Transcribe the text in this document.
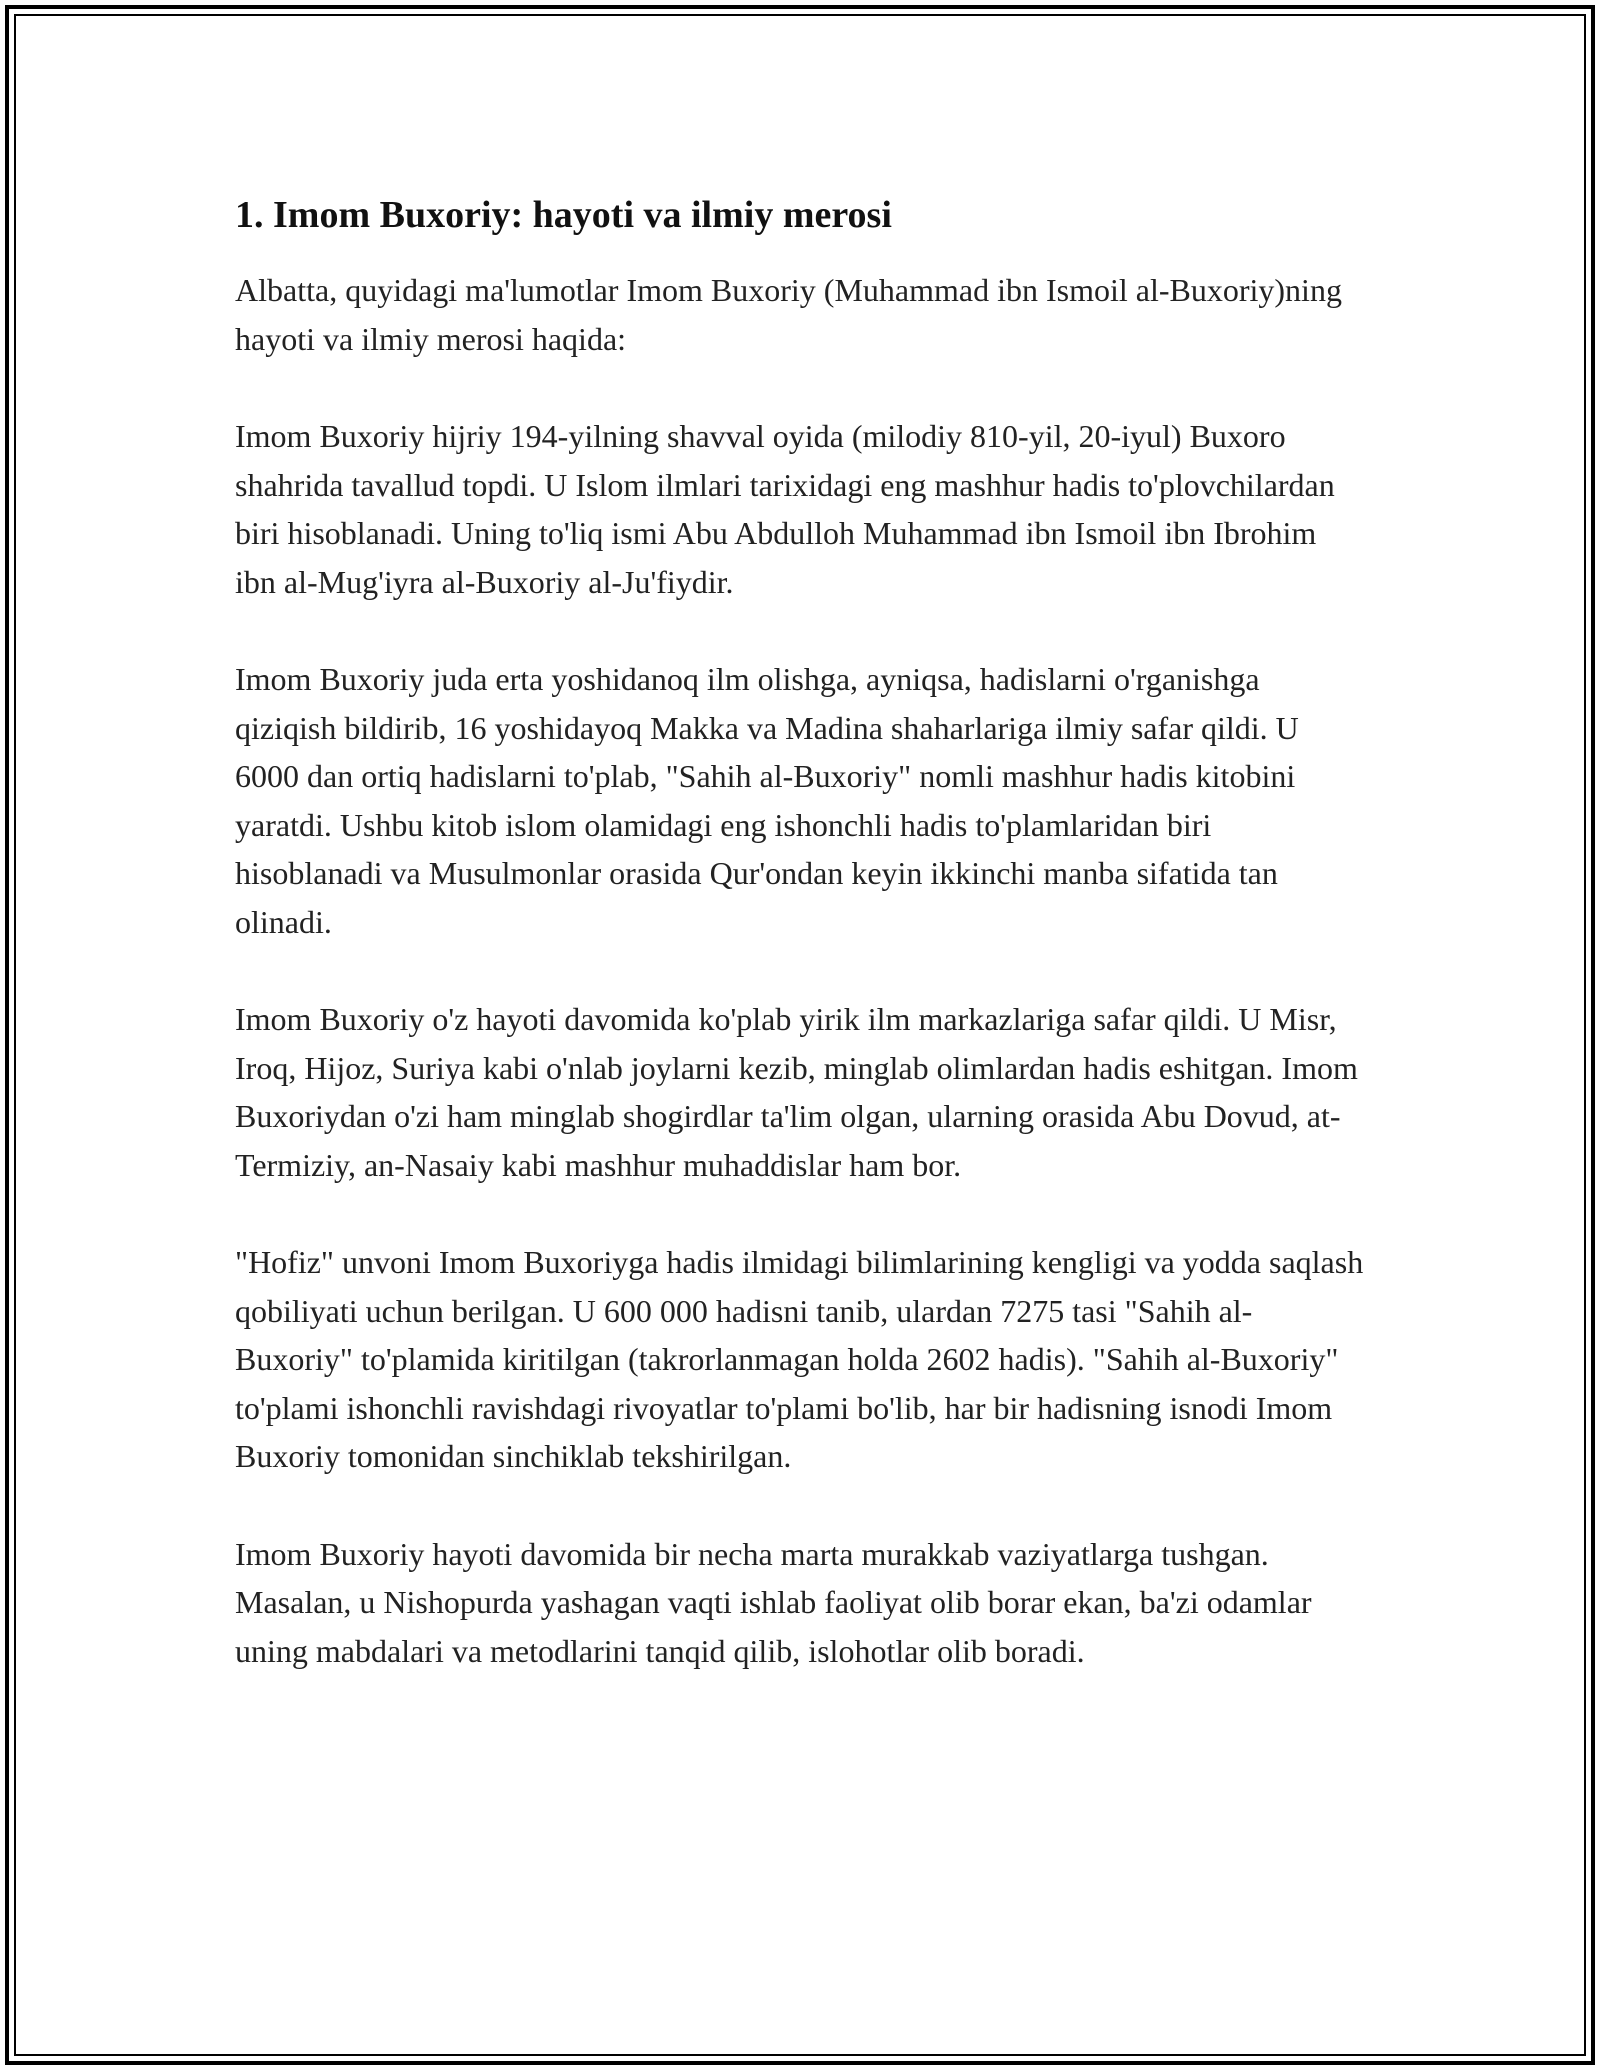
1. Imom Buxoriy: hayoti va ilmiy merosi

Albatta, quyidagi ma'lumotlar Imom Buxoriy (Muhammad ibn Ismoil al-Buxoriy)ning hayoti va ilmiy merosi haqida:

Imom Buxoriy hijriy 194-yilning shavval oyida (milodiy 810-yil, 20-iyul) Buxoro shahrida tavallud topdi. U Islom ilmlari tarixidagi eng mashhur hadis to'plovchilardan biri hisoblanadi. Uning to'liq ismi Abu Abdulloh Muhammad ibn Ismoil ibn Ibrohim ibn al-Mug'iyra al-Buxoriy al-Ju'fiydir.

Imom Buxoriy juda erta yoshidanoq ilm olishga, ayniqsa, hadislarni o'rganishga qiziqish bildirib, 16 yoshidayoq Makka va Madina shaharlariga ilmiy safar qildi. U 6000 dan ortiq hadislarni to'plab, "Sahih al-Buxoriy" nomli mashhur hadis kitobini yaratdi. Ushbu kitob islom olamidagi eng ishonchli hadis to'plamlaridan biri hisoblanadi va Musulmonlar orasida Qur'ondan keyin ikkinchi manba sifatida tan olinadi.

Imom Buxoriy o'z hayoti davomida ko'plab yirik ilm markazlariga safar qildi. U Misr, Iroq, Hijoz, Suriya kabi o'nlab joylarni kezib, minglab olimlardan hadis eshitgan. Imom Buxoriydan o'zi ham minglab shogirdlar ta'lim olgan, ularning orasida Abu Dovud, at-Termiziy, an-Nasaiy kabi mashhur muhaddislar ham bor.

"Hofiz" unvoni Imom Buxoriyga hadis ilmidagi bilimlarining kengligi va yodda saqlash qobiliyati uchun berilgan. U 600 000 hadisni tanib, ulardan 7275 tasi "Sahih al-Buxoriy" to'plamida kiritilgan (takrorlanmagan holda 2602 hadis). "Sahih al-Buxoriy" to'plami ishonchli ravishdagi rivoyatlar to'plami bo'lib, har bir hadisning isnodi Imom Buxoriy tomonidan sinchiklab tekshirilgan.

Imom Buxoriy hayoti davomida bir necha marta murakkab vaziyatlarga tushgan. Masalan, u Nishopurda yashagan vaqti ishlab faoliyat olib borar ekan, ba'zi odamlar uning mabdalari va metodlarini tanqid qilib, islohotlar olib boradi.
